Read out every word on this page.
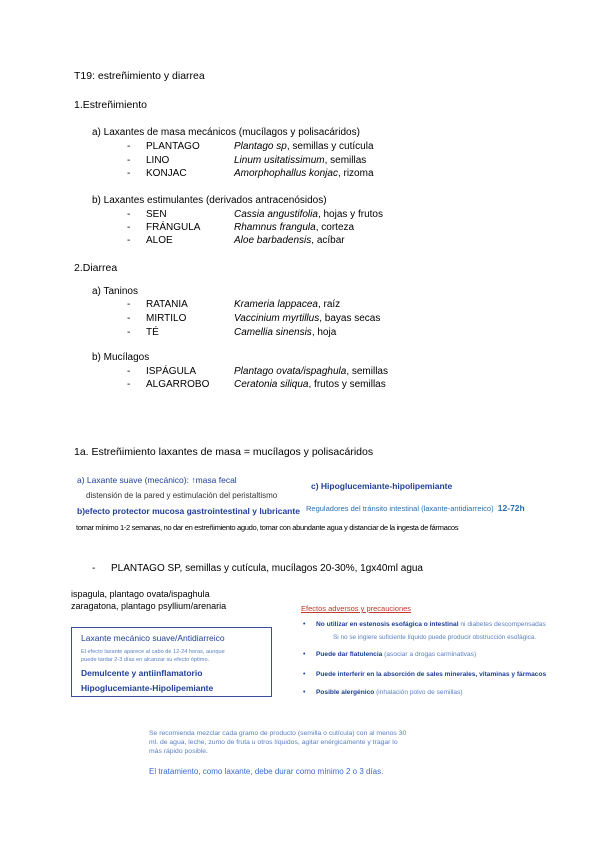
T19: estreñimiento y diarrea
1.Estreñimiento
a) Laxantes de masa mecánicos (mucílagos y polisacáridos)
- PLANTAGO	Plantago sp, semillas y cutícula
- LINO	Linum usitatissimum, semillas
- KONJAC	Amorphophallus konjac, rizoma
b) Laxantes estimulantes (derivados antracenósidos)
- SEN	Cassia angustifolia, hojas y frutos
- FRÁNGULA	Rhamnus frangula, corteza
- ALOE	Aloe barbadensis, acíbar
2.Diarrea
a) Taninos
- RATANIA	Krameria lappacea, raíz
- MIRTILO	Vaccinium myrtillus, bayas secas
- TÉ	Camellia sinensis, hoja
b) Mucílagos
- ISPÁGULA	Plantago ovata/ispaghula, semillas
- ALGARROBO Ceratonia siliqua, frutos y semillas
1a. Estreñimiento laxantes de masa = mucílagos y polisacáridos
a) Laxante suave (mecánico): ↑masa fecal
distensión de la pared y estimulación del peristaltismo
b)efecto protector mucosa gastrointestinal y lubricante
c) Hipoglucemiante-hipolipemiante
Reguladores del tránsito intestinal (laxante-antidiarreico) 12-72h
tomar mínimo 1-2 semanas, no dar en estreñimiento agudo, tomar con abundante agua y distanciar de la ingesta de fármacos
- PLANTAGO SP, semillas y cutícula, mucílagos 20-30%, 1gx40ml agua
ispagula, plantago ovata/ispaghula
zaragatona, plantago psyllium/arenaria
Laxante mecánico suave/Antidiarreico
El efecto laxante aparece al cabo de 12-24 horas, aunque
puede tardar 2-3 días en alcanzar su efecto óptimo.
Demulcente y antiinflamatorio
Hipoglucemiante-Hipolipemiante
Efectos adversos y precauciones
• No utilizar en estenosis esofágica o intestinal ni diabetes descompensadas
Si no se ingiere suficiente líquido puede producir obstrucción esofágica.
• Puede dar flatulencia (asociar a drogas carminativas)
• Puede interferir en la absorción de sales minerales, vitaminas y fármacos
• Posible alergénico (inhalación polvo de semillas)
Se recomienda mezclar cada gramo de producto (semilla o cutícula) con al menos 30
ml. de agua, leche, zumo de fruta u otros líquidos, agitar enérgicamente y tragar lo
más rápido posible.
El tratamiento, como laxante, debe durar como mínimo 2 o 3 días.
